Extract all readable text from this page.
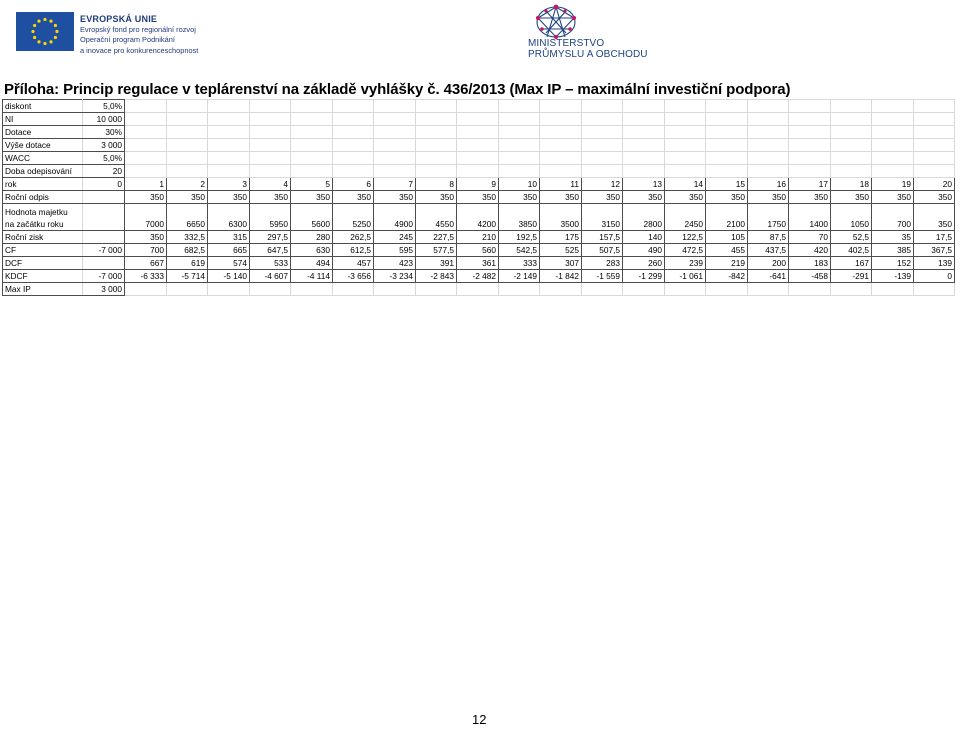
EVROPSKÁ UNIE
Evropský fond pro regionální rozvoj
Operační program Podnikání
a inovace pro konkurenceschopnost
MINISTERSTVO
PRŮMYSLU A OBCHODU
Příloha: Princip regulace v teplárenství na základě vyhlášky č. 436/2013 (Max IP – maximální investiční podpora)
diskont	5,0%																				
NI	10 000																				
Dotace	30%																				
Výše dotace	3 000																				
WACC	5,0%																				
Doba odepisování	20																				
rok	0	1	2	3	4	5	6	7	8	9	10	11	12	13	14	15	16	17	18	19	20
Roční odpis		350	350	350	350	350	350	350	350	350	350	350	350	350	350	350	350	350	350	350	350
Hodnota majetku
na začátku roku		7000	6650	6300	5950	5600	5250	4900	4550	4200	3850	3500	3150	2800	2450	2100	1750	1400	1050	700	350
Roční zisk		350	332,5	315	297,5	280	262,5	245	227,5	210	192,5	175	157,5	140	122,5	105	87,5	70	52,5	35	17,5
CF	-7 000	700	682,5	665	647,5	630	612,5	595	577,5	560	542,5	525	507,5	490	472,5	455	437,5	420	402,5	385	367,5
DCF		667	619	574	533	494	457	423	391	361	333	307	283	260	239	219	200	183	167	152	139
KDCF	-7 000	-6 333	-5 714	-5 140	-4 607	-4 114	-3 656	-3 234	-2 843	-2 482	-2 149	-1 842	-1 559	-1 299	-1 061	-842	-641	-458	-291	-139	0
Max IP	3 000																				
12
